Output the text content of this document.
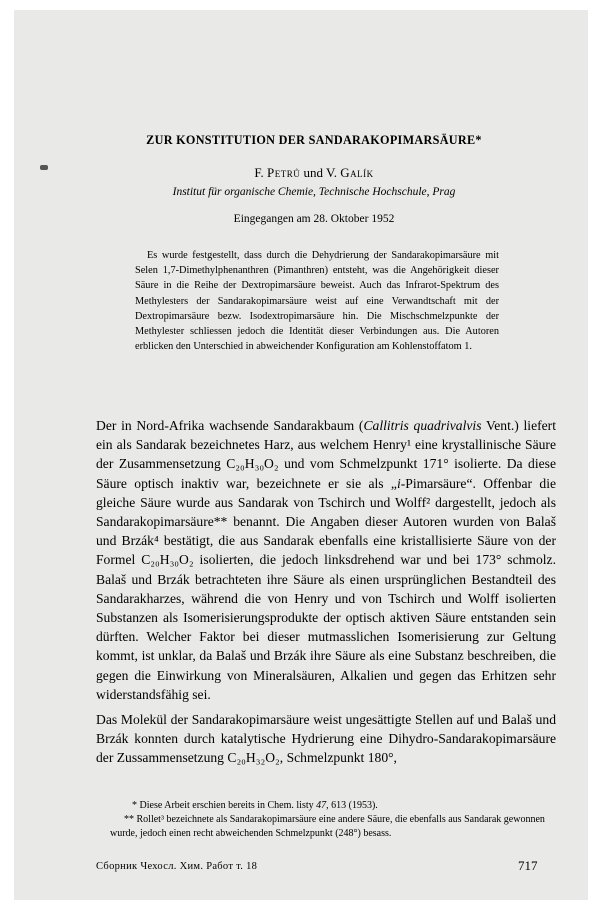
ZUR KONSTITUTION DER SANDARAKOPIMARSÄURE*
F. Petrů und V. Galík
Institut für organische Chemie, Technische Hochschule, Prag
Eingegangen am 28. Oktober 1952

Es wurde festgestellt, dass durch die Dehydrierung der Sandarakopimarsäure mit Selen 1,7-Dimethylphenanthren (Pimanthren) entsteht, was die Angehörigkeit dieser Säure in die Reihe der Dextropimarsäure beweist. Auch das Infrarot-Spektrum des Methylesters der Sandarakopimarsäure weist auf eine Verwandtschaft mit der Dextropimarsäure bezw. Isodextropimarsäure hin. Die Mischschmelzpunkte der Methylester schliessen jedoch die Identität dieser Verbindungen aus. Die Autoren erblicken den Unterschied in abweichender Konfiguration am Kohlenstoffatom 1.

Der in Nord-Afrika wachsende Sandarakbaum (Callitris quadrivalvis Vent.) liefert ein als Sandarak bezeichnetes Harz, aus welchem Henry¹ eine krystallinische Säure der Zusammensetzung C₂₀H₃₀O₂ und vom Schmelzpunkt 171° isolierte. Da diese Säure optisch inaktiv war, bezeichnete er sie als „i-Pimarsäure“. Offenbar die gleiche Säure wurde aus Sandarak von Tschirch und Wolff² dargestellt, jedoch als Sandarakopimarsäure** benannt. Die Angaben dieser Autoren wurden von Balaš und Brzák⁴ bestätigt, die aus Sandarak ebenfalls eine kristallisierte Säure von der Formel C₂₀H₃₀O₂ isolierten, die jedoch linksdrehend war und bei 173° schmolz. Balaš und Brzák betrachteten ihre Säure als einen ursprünglichen Bestandteil des Sandarakharzes, während die von Henry und von Tschirch und Wolff isolierten Substanzen als Isomerisierungsprodukte der optisch aktiven Säure entstanden sein dürften. Welcher Faktor bei dieser mutmasslichen Isomerisierung zur Geltung kommt, ist unklar, da Balaš und Brzák ihre Säure als eine Substanz beschreiben, die gegen die Einwirkung von Mineralsäuren, Alkalien und gegen das Erhitzen sehr widerstandsfähig sei.

Das Molekül der Sandarakopimarsäure weist ungesättigte Stellen auf und Balaš und Brzák konnten durch katalytische Hydrierung eine Dihydro-Sandarakopimarsäure der Zussammensetzung C₂₀H₃₂O₂, Schmelzpunkt 180°,

* Diese Arbeit erschien bereits in Chem. listy 47, 613 (1953).

** Rollet³ bezeichnete als Sandarakopimarsäure eine andere Säure, die ebenfalls aus Sandarak gewonnen wurde, jedoch einen recht abweichenden Schmelzpunkt (248°) besass.

Сборник Чехосл. Хим. Работ т. 18	717
